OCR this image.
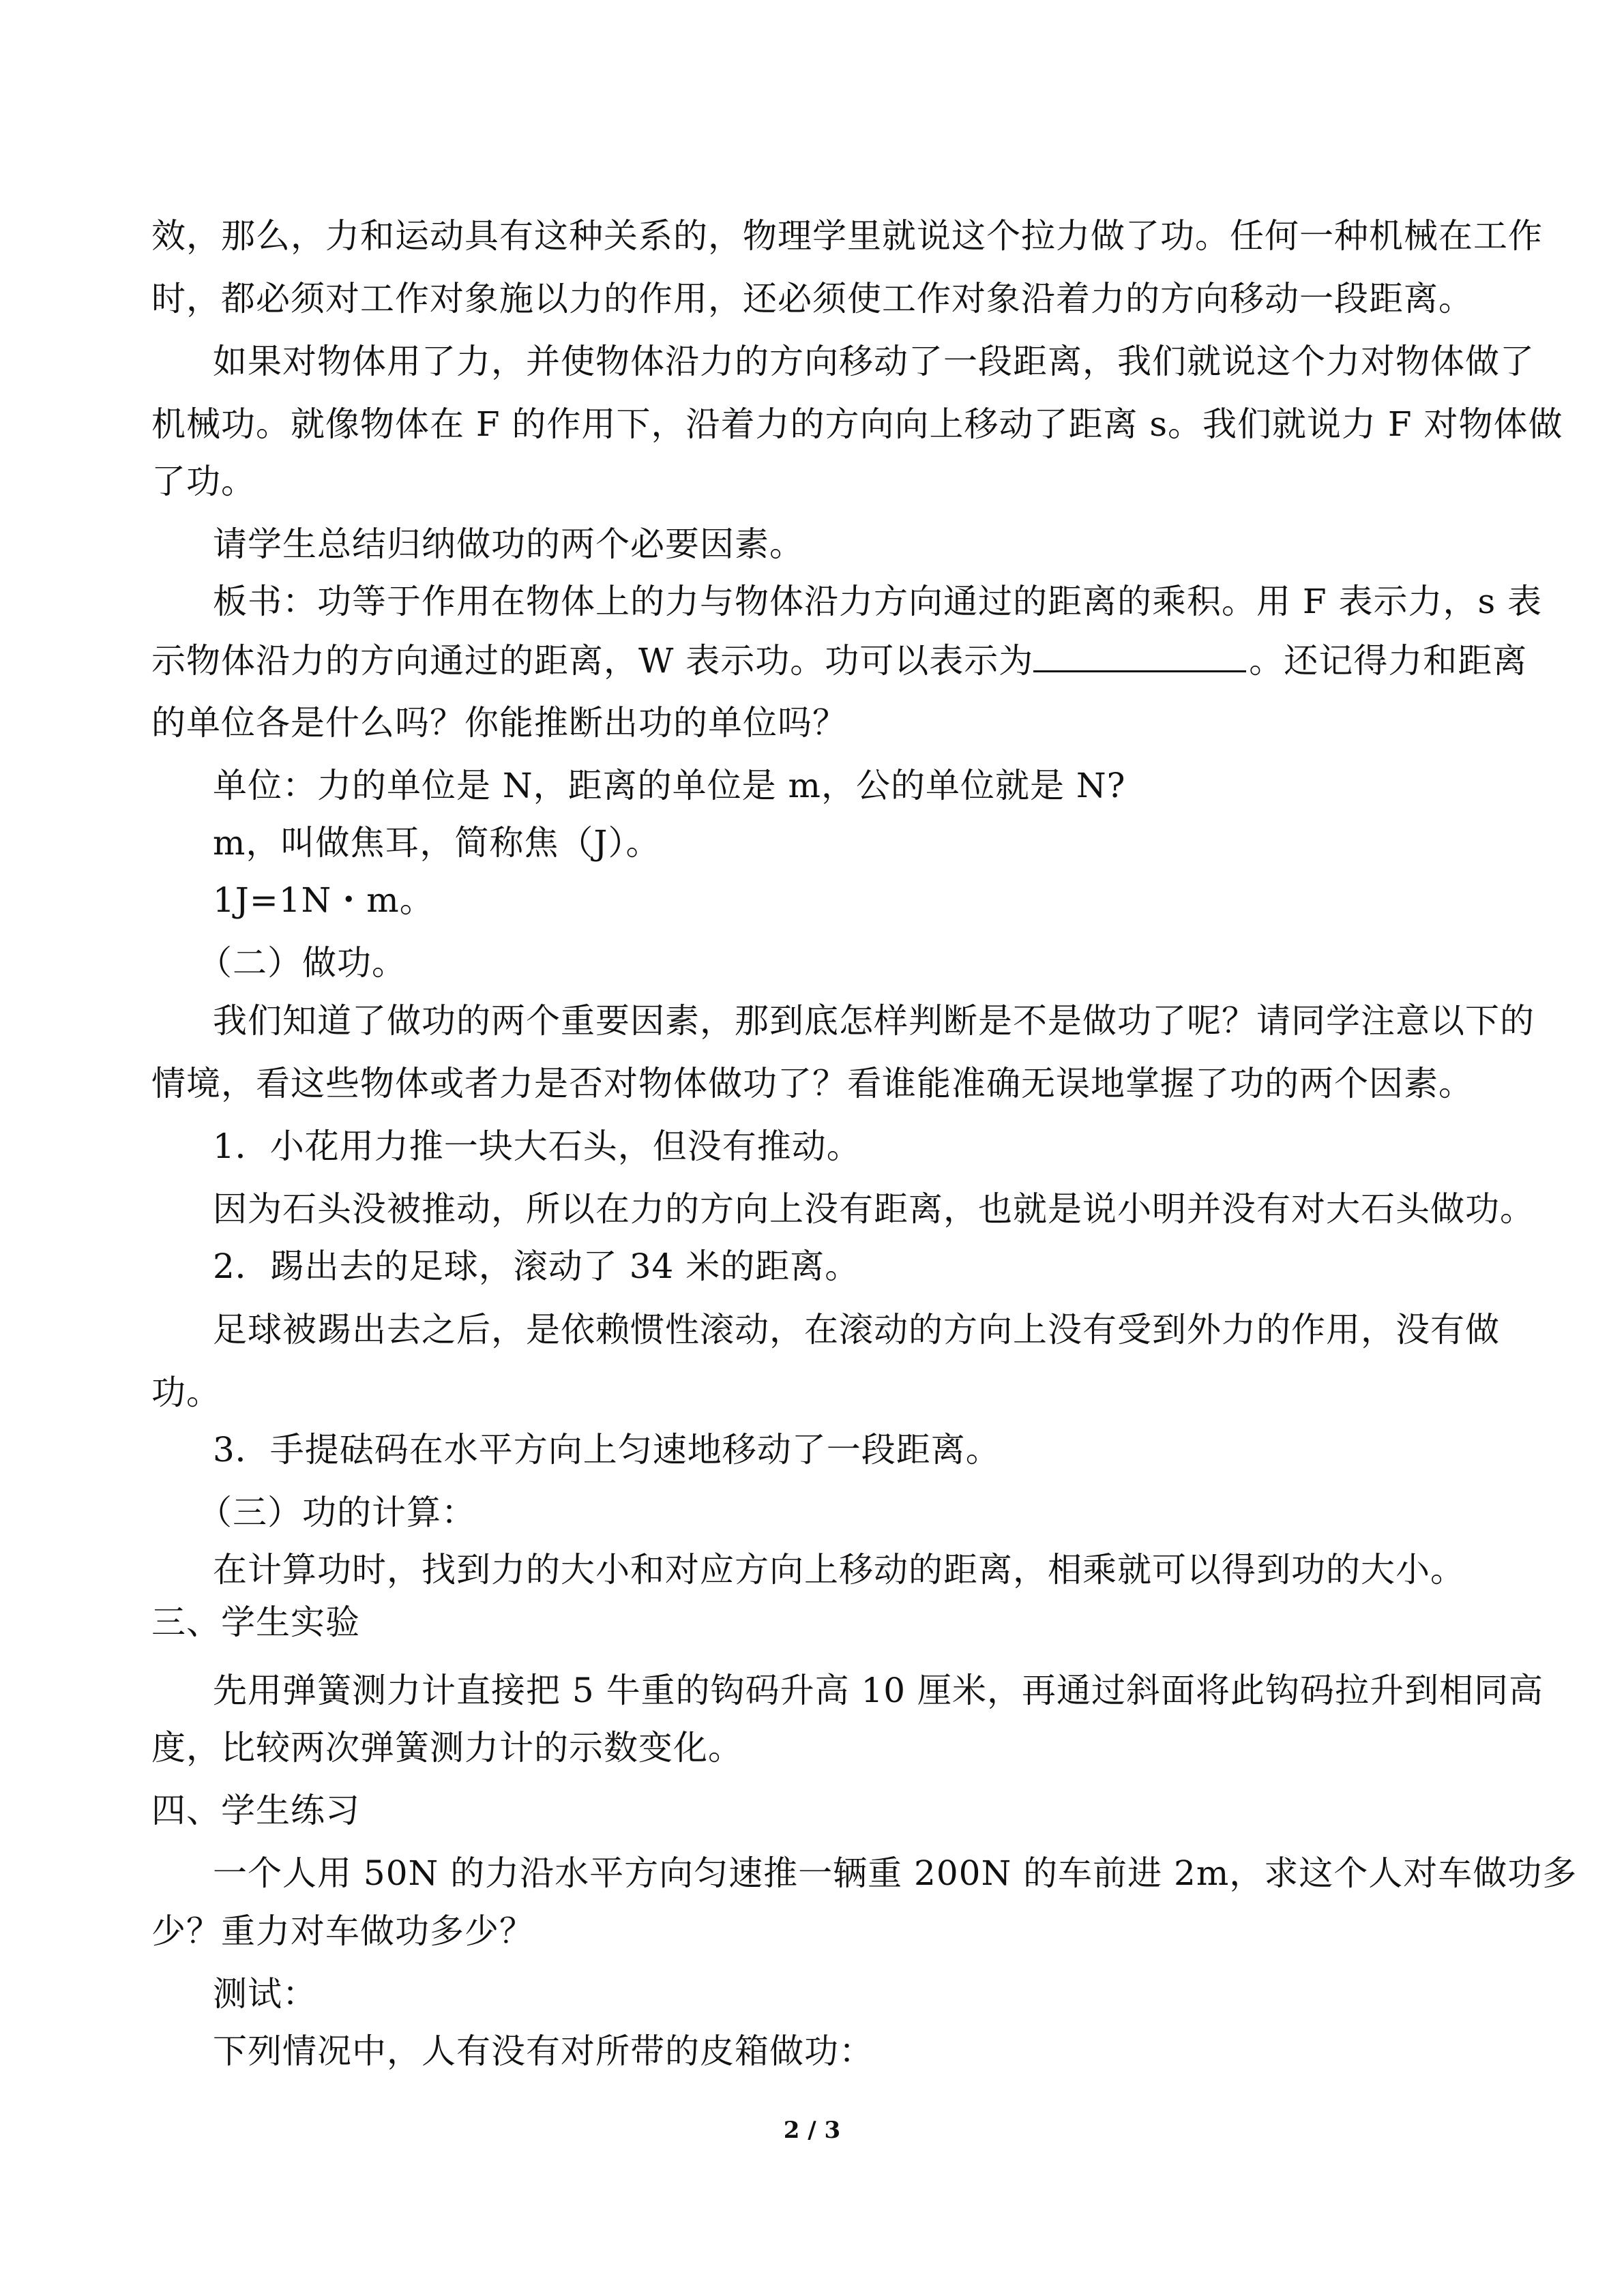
效，那么，力和运动具有这种关系的，物理学里就说这个拉力做了功。任何一种机械在工作
时，都必须对工作对象施以力的作用，还必须使工作对象沿着力的方向移动一段距离。
如果对物体用了力，并使物体沿力的方向移动了一段距离，我们就说这个力对物体做了
机械功。就像物体在 F 的作用下，沿着力的方向向上移动了距离 s。我们就说力 F 对物体做
了功。
请学生总结归纳做功的两个必要因素。
板书：功等于作用在物体上的力与物体沿力方向通过的距离的乘积。用 F 表示力，s 表
示物体沿力的方向通过的距离，W 表示功。功可以表示为	。还记得力和距离
的单位各是什么吗？你能推断出功的单位吗？
单位：力的单位是 N，距离的单位是 m，公的单位就是 N?
m，叫做焦耳，简称焦（J）。
1J=1N・m。
（二）做功。
我们知道了做功的两个重要因素，那到底怎样判断是不是做功了呢？请同学注意以下的
情境，看这些物体或者力是否对物体做功了？看谁能准确无误地掌握了功的两个因素。
1．小花用力推一块大石头，但没有推动。
因为石头没被推动，所以在力的方向上没有距离，也就是说小明并没有对大石头做功。
2．踢出去的足球，滚动了 34 米的距离。
足球被踢出去之后，是依赖惯性滚动，在滚动的方向上没有受到外力的作用，没有做
功。
3．手提砝码在水平方向上匀速地移动了一段距离。
（三）功的计算：
在计算功时，找到力的大小和对应方向上移动的距离，相乘就可以得到功的大小。
三、学生实验
先用弹簧测力计直接把 5 牛重的钩码升高 10 厘米，再通过斜面将此钩码拉升到相同高
度，比较两次弹簧测力计的示数变化。
四、学生练习
一个人用 50N 的力沿水平方向匀速推一辆重 200N 的车前进 2m，求这个人对车做功多
少？重力对车做功多少？
测试：
下列情况中，人有没有对所带的皮箱做功：
2 / 3
